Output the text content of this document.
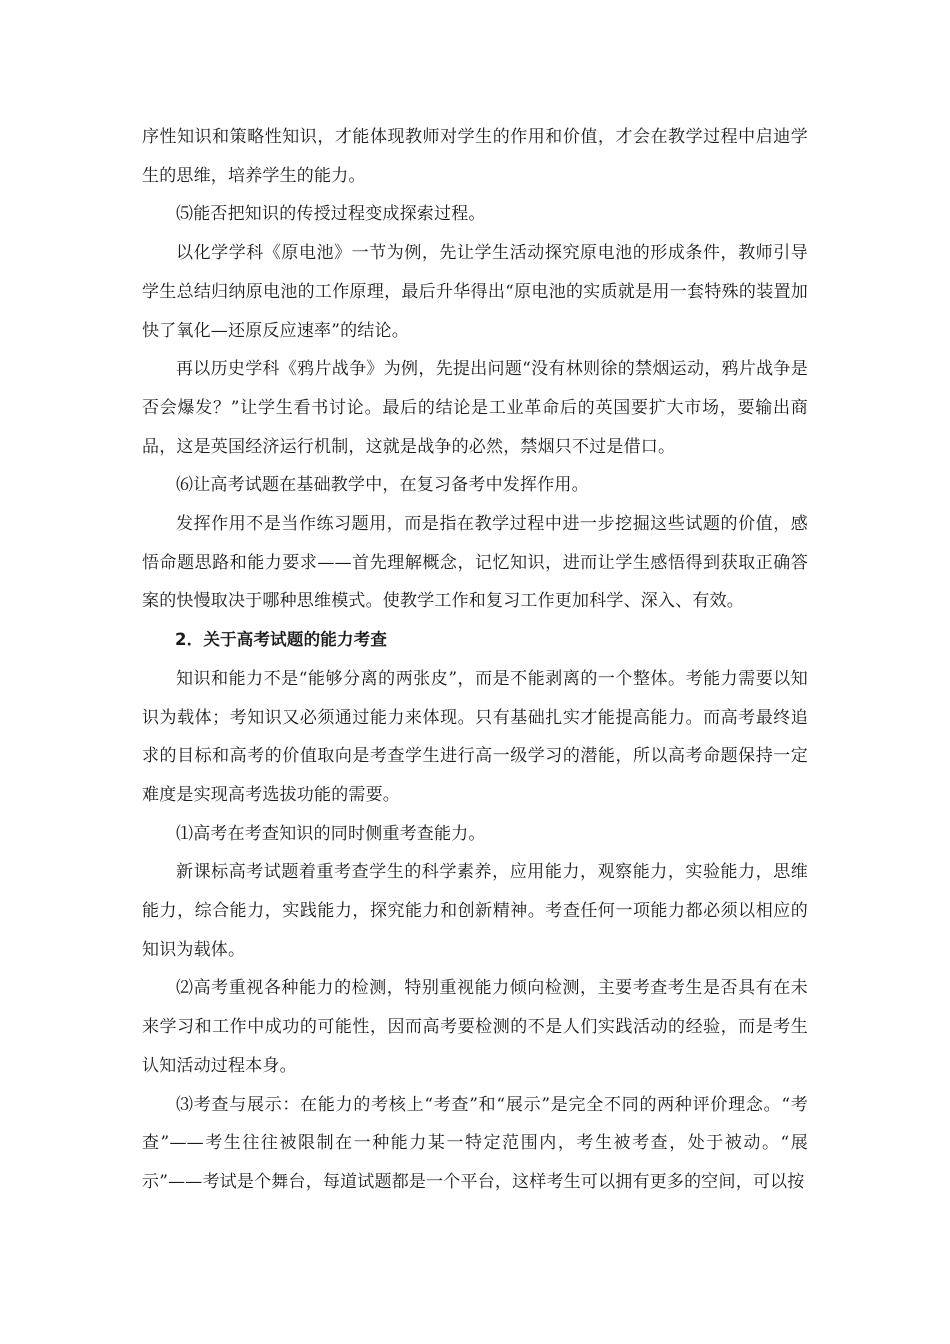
序性知识和策略性知识，才能体现教师对学生的作用和价值，才会在教学过程中启迪学生的思维，培养学生的能力。

⑸能否把知识的传授过程变成探索过程。

以化学学科《原电池》一节为例，先让学生活动探究原电池的形成条件，教师引导学生总结归纳原电池的工作原理，最后升华得出“原电池的实质就是用一套特殊的装置加快了氧化—还原反应速率”的结论。

再以历史学科《鸦片战争》为例，先提出问题“没有林则徐的禁烟运动，鸦片战争是否会爆发？”让学生看书讨论。最后的结论是工业革命后的英国要扩大市场，要输出商品，这是英国经济运行机制，这就是战争的必然，禁烟只不过是借口。

⑹让高考试题在基础教学中，在复习备考中发挥作用。

发挥作用不是当作练习题用，而是指在教学过程中进一步挖掘这些试题的价值，感悟命题思路和能力要求——首先理解概念，记忆知识，进而让学生感悟得到获取正确答案的快慢取决于哪种思维模式。使教学工作和复习工作更加科学、深入、有效。

2．关于高考试题的能力考查

知识和能力不是“能够分离的两张皮”，而是不能剥离的一个整体。考能力需要以知识为载体；考知识又必须通过能力来体现。只有基础扎实才能提高能力。而高考最终追求的目标和高考的价值取向是考查学生进行高一级学习的潜能，所以高考命题保持一定难度是实现高考选拔功能的需要。

⑴高考在考查知识的同时侧重考查能力。

新课标高考试题着重考查学生的科学素养，应用能力，观察能力，实验能力，思维能力，综合能力，实践能力，探究能力和创新精神。考查任何一项能力都必须以相应的知识为载体。

⑵高考重视各种能力的检测，特别重视能力倾向检测，主要考查考生是否具有在未来学习和工作中成功的可能性，因而高考要检测的不是人们实践活动的经验，而是考生认知活动过程本身。

⑶考查与展示：在能力的考核上“考查”和“展示”是完全不同的两种评价理念。“考查”——考生往往被限制在一种能力某一特定范围内，考生被考查，处于被动。“展示”——考试是个舞台，每道试题都是一个平台，这样考生可以拥有更多的空间，可以按
